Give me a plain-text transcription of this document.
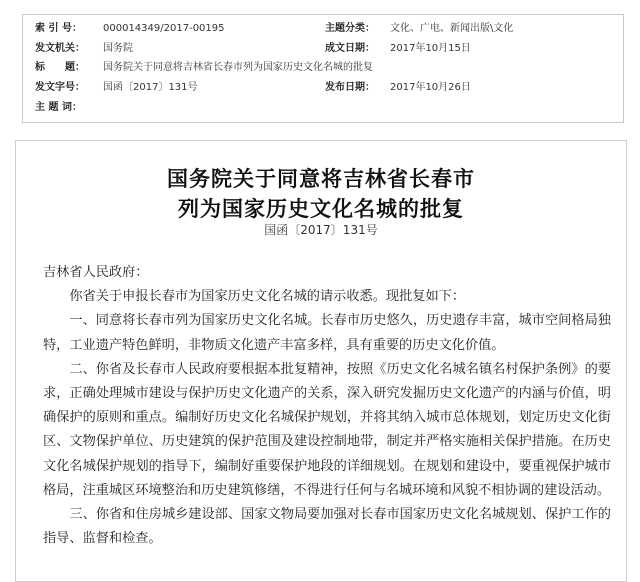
索 引 号： 000014349/2017-00195	主题分类： 文化、广电、新闻出版\文化
发文机关： 国务院	成文日期： 2017年10月15日
标　　题： 国务院关于同意将吉林省长春市列为国家历史文化名城的批复
发文字号： 国函〔2017〕131号	发布日期： 2017年10月26日
主 题 词：
国务院关于同意将吉林省长春市
列为国家历史文化名城的批复
国函〔2017〕131号

吉林省人民政府：

你省关于申报长春市为国家历史文化名城的请示收悉。现批复如下：

一、同意将长春市列为国家历史文化名城。长春市历史悠久，历史遗存丰富，城市空间格局独特，工业遗产特色鲜明，非物质文化遗产丰富多样，具有重要的历史文化价值。

二、你省及长春市人民政府要根据本批复精神，按照《历史文化名城名镇名村保护条例》的要求，正确处理城市建设与保护历史文化遗产的关系，深入研究发掘历史文化遗产的内涵与价值，明确保护的原则和重点。编制好历史文化名城保护规划，并将其纳入城市总体规划，划定历史文化街区、文物保护单位、历史建筑的保护范围及建设控制地带，制定并严格实施相关保护措施。在历史文化名城保护规划的指导下，编制好重要保护地段的详细规划。在规划和建设中，要重视保护城市格局，注重城区环境整治和历史建筑修缮，不得进行任何与名城环境和风貌不相协调的建设活动。

三、你省和住房城乡建设部、国家文物局要加强对长春市国家历史文化名城规划、保护工作的指导、监督和检查。
